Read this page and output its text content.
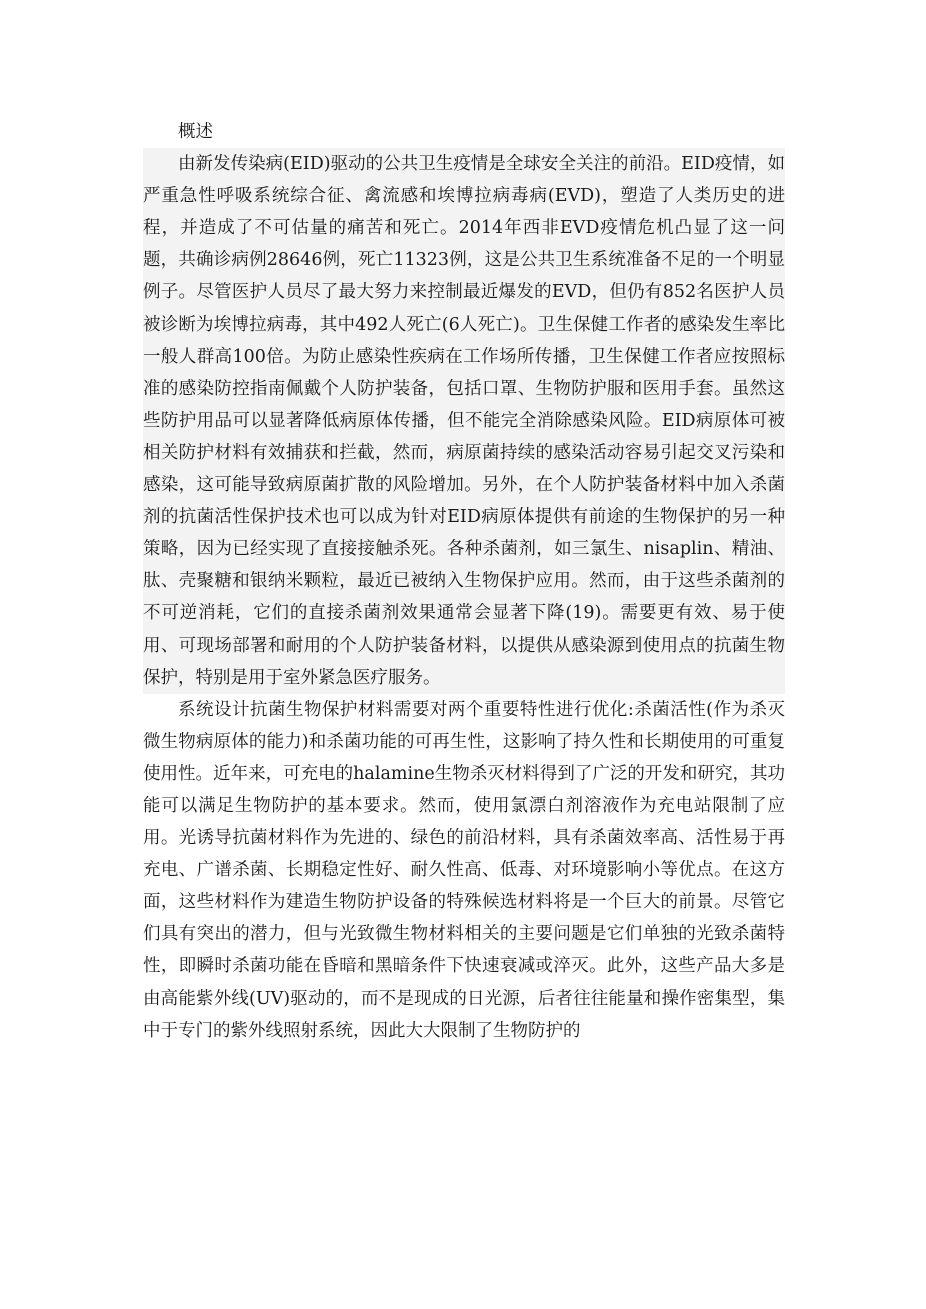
概述

由新发传染病(EID)驱动的公共卫生疫情是全球安全关注的前沿。EID疫情，如严重急性呼吸系统综合征、禽流感和埃博拉病毒病(EVD)，塑造了人类历史的进程，并造成了不可估量的痛苦和死亡。2014年西非EVD疫情危机凸显了这一问题，共确诊病例28646例，死亡11323例，这是公共卫生系统准备不足的一个明显例子。尽管医护人员尽了最大努力来控制最近爆发的EVD，但仍有852名医护人员被诊断为埃博拉病毒，其中492人死亡(6人死亡)。卫生保健工作者的感染发生率比一般人群高100倍。为防止感染性疾病在工作场所传播，卫生保健工作者应按照标准的感染防控指南佩戴个人防护装备，包括口罩、生物防护服和医用手套。虽然这些防护用品可以显著降低病原体传播，但不能完全消除感染风险。EID病原体可被相关防护材料有效捕获和拦截，然而，病原菌持续的感染活动容易引起交叉污染和感染，这可能导致病原菌扩散的风险增加。另外，在个人防护装备材料中加入杀菌剂的抗菌活性保护技术也可以成为针对EID病原体提供有前途的生物保护的另一种策略，因为已经实现了直接接触杀死。各种杀菌剂，如三氯生、nisaplin、精油、肽、壳聚糖和银纳米颗粒，最近已被纳入生物保护应用。然而，由于这些杀菌剂的不可逆消耗，它们的直接杀菌剂效果通常会显著下降(19)。需要更有效、易于使用、可现场部署和耐用的个人防护装备材料，以提供从感染源到使用点的抗菌生物保护，特别是用于室外紧急医疗服务。

系统设计抗菌生物保护材料需要对两个重要特性进行优化:杀菌活性(作为杀灭微生物病原体的能力)和杀菌功能的可再生性，这影响了持久性和长期使用的可重复使用性。近年来，可充电的halamine生物杀灭材料得到了广泛的开发和研究，其功能可以满足生物防护的基本要求。然而，使用氯漂白剂溶液作为充电站限制了应用。光诱导抗菌材料作为先进的、绿色的前沿材料，具有杀菌效率高、活性易于再充电、广谱杀菌、长期稳定性好、耐久性高、低毒、对环境影响小等优点。在这方面，这些材料作为建造生物防护设备的特殊候选材料将是一个巨大的前景。尽管它们具有突出的潜力，但与光致微生物材料相关的主要问题是它们单独的光致杀菌特性，即瞬时杀菌功能在昏暗和黑暗条件下快速衰减或淬灭。此外，这些产品大多是由高能紫外线(UV)驱动的，而不是现成的日光源，后者往往能量和操作密集型，集中于专门的紫外线照射系统，因此大大限制了生物防护的
